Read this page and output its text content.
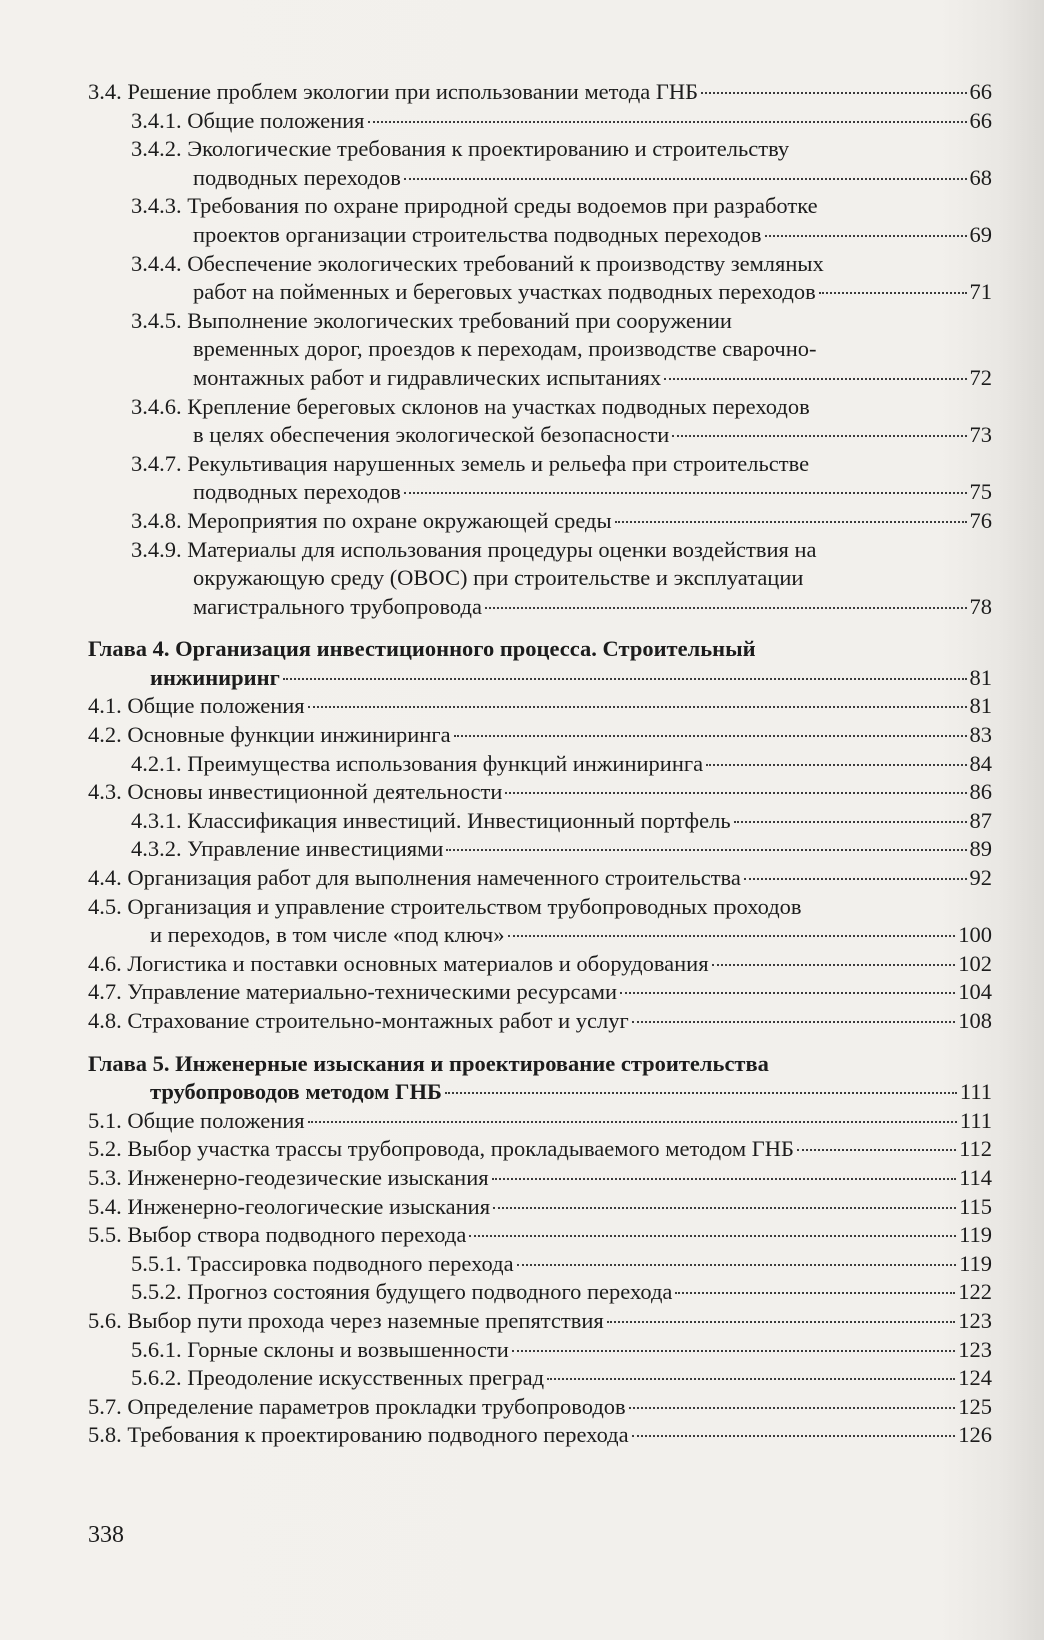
3.4. Решение проблем экологии при использовании метода ГНБ	66
3.4.1. Общие положения	66
3.4.2. Экологические требования к проектированию и строительству
подводных переходов	68
3.4.3. Требования по охране природной среды водоемов при разработке
проектов организации строительства подводных переходов	69
3.4.4. Обеспечение экологических требований к производству земляных
работ на пойменных и береговых участках подводных переходов	71
3.4.5. Выполнение экологических требований при сооружении
временных дорог, проездов к переходам, производстве сварочно-
монтажных работ и гидравлических испытаниях	72
3.4.6. Крепление береговых склонов на участках подводных переходов
в целях обеспечения экологической безопасности	73
3.4.7. Рекультивация нарушенных земель и рельефа при строительстве
подводных переходов	75
3.4.8. Мероприятия по охране окружающей среды	76
3.4.9. Материалы для использования процедуры оценки воздействия на
окружающую среду (ОВОС) при строительстве и эксплуатации
магистрального трубопровода	78
Глава 4. Организация инвестиционного процесса. Строительный
инжиниринг	81
4.1. Общие положения	81
4.2. Основные функции инжиниринга	83
4.2.1. Преимущества использования функций инжиниринга	84
4.3. Основы инвестиционной деятельности	86
4.3.1. Классификация инвестиций. Инвестиционный портфель	87
4.3.2. Управление инвестициями	89
4.4. Организация работ для выполнения намеченного строительства	92
4.5. Организация и управление строительством трубопроводных проходов
и переходов, в том числе «под ключ»	100
4.6. Логистика и поставки основных материалов и оборудования	102
4.7. Управление материально-техническими ресурсами	104
4.8. Страхование строительно-монтажных работ и услуг	108
Глава 5. Инженерные изыскания и проектирование строительства
трубопроводов методом ГНБ	111
5.1. Общие положения	111
5.2. Выбор участка трассы трубопровода, прокладываемого методом ГНБ	112
5.3. Инженерно-геодезические изыскания	114
5.4. Инженерно-геологические изыскания	115
5.5. Выбор створа подводного перехода	119
5.5.1. Трассировка подводного перехода	119
5.5.2. Прогноз состояния будущего подводного перехода	122
5.6. Выбор пути прохода через наземные препятствия	123
5.6.1. Горные склоны и возвышенности	123
5.6.2. Преодоление искусственных преград	124
5.7. Определение параметров прокладки трубопроводов	125
5.8. Требования к проектированию подводного перехода	126
338
